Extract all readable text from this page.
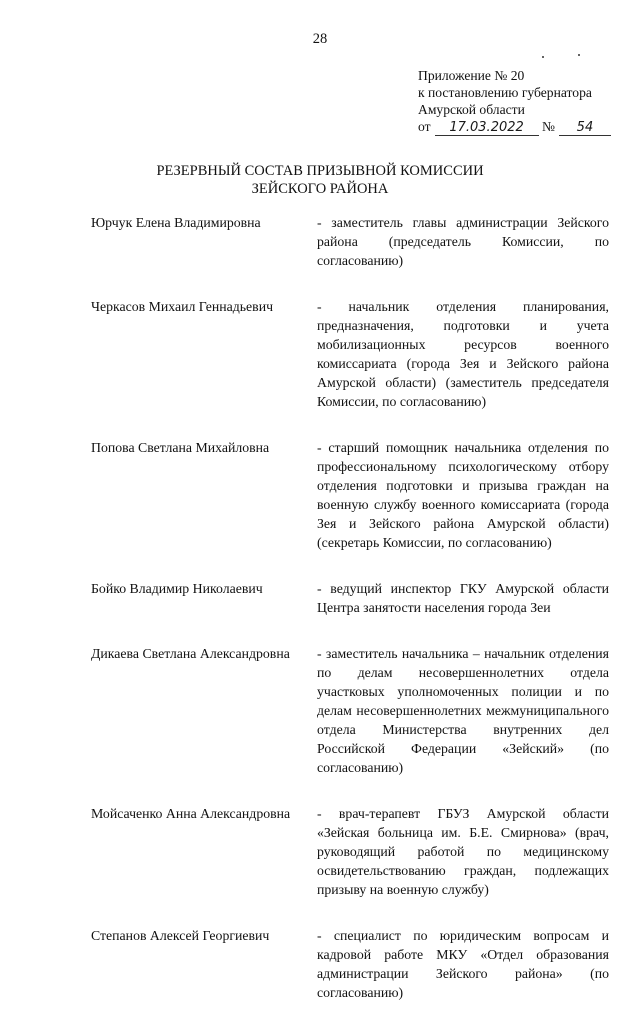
28
Приложение № 20
к постановлению губернатора
Амурской области
от 17.03.2022 № 54
РЕЗЕРВНЫЙ СОСТАВ ПРИЗЫВНОЙ КОМИССИИ
ЗЕЙСКОГО РАЙОНА
Юрчук Елена Владимировна	- заместитель главы администрации Зейского района (председатель Комиссии, по согласованию)
Черкасов Михаил Геннадьевич	- начальник отделения планирования, предназначения, подготовки и учета мобилизационных ресурсов военного комиссариата (города Зея и Зейского района Амурской области) (заместитель председателя Комиссии, по согласованию)
Попова Светлана Михайловна	- старший помощник начальника отделения по профессиональному психологическому отбору отделения подготовки и призыва граждан на военную службу военного комиссариата (города Зея и Зейского района Амурской области) (секретарь Комиссии, по согласованию)
Бойко Владимир Николаевич	- ведущий инспектор ГКУ Амурской области Центра занятости населения города Зеи
Дикаева Светлана Александровна	- заместитель начальника – начальник отделения по делам несовершеннолетних отдела участковых уполномоченных полиции и по делам несовершеннолетних межмуниципального отдела Министерства внутренних дел Российской Федерации «Зейский» (по согласованию)
Мойсаченко Анна Александровна	- врач-терапевт ГБУЗ Амурской области «Зейская больница им. Б.Е. Смирнова» (врач, руководящий работой по медицинскому освидетельствованию граждан, подлежащих призыву на военную службу)
Степанов Алексей Георгиевич	- специалист по юридическим вопросам и кадровой работе МКУ «Отдел образования администрации Зейского района» (по согласованию)
